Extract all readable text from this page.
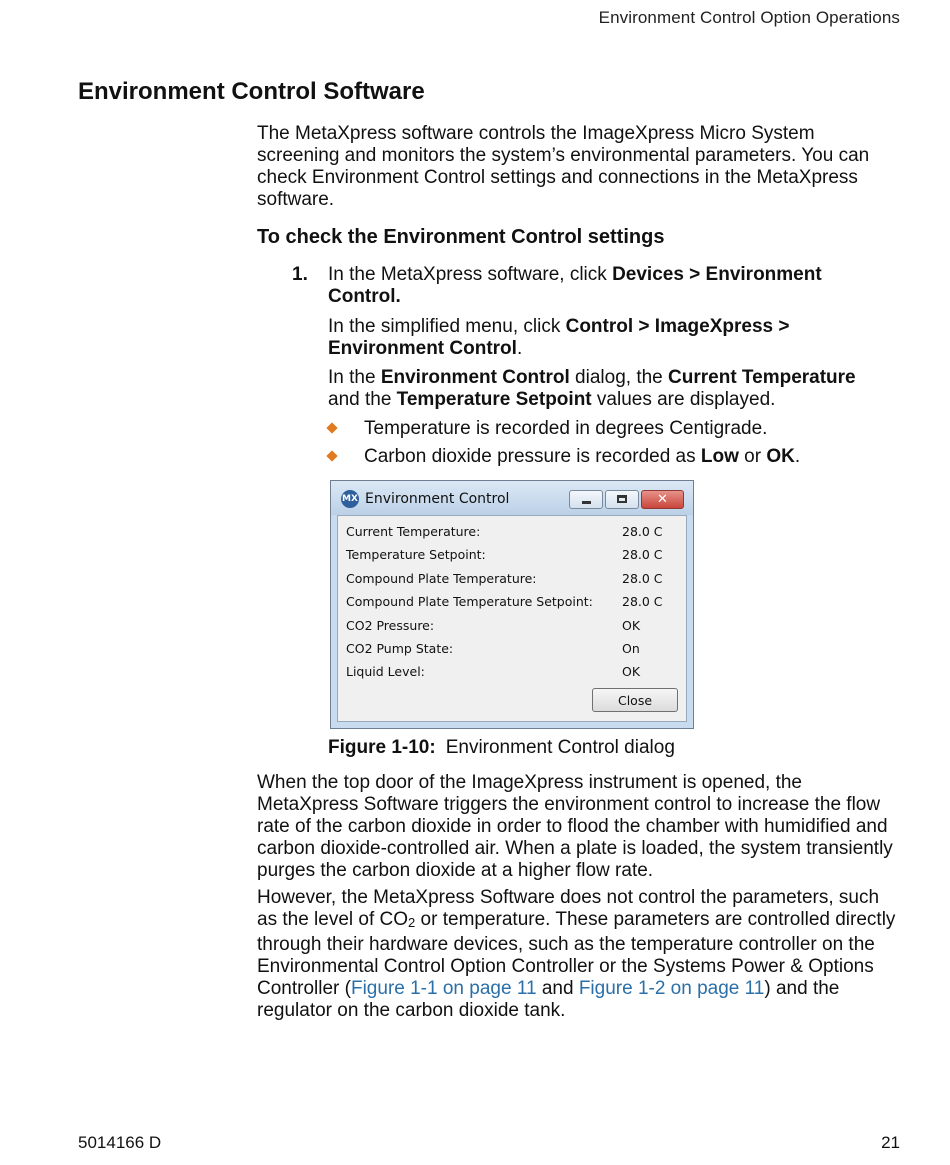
Environment Control Option Operations
Environment Control Software

The MetaXpress software controls the ImageXpress Micro System screening and monitors the system’s environmental parameters. You can check Environment Control settings and connections in the MetaXpress software.

To check the Environment Control settings
1. In the MetaXpress software, click Devices > Environment Control.

In the simplified menu, click Control > ImageXpress > Environment Control.

In the Environment Control dialog, the Current Temperature and the Temperature Setpoint values are displayed.

Temperature is recorded in degrees Centigrade.
Carbon dioxide pressure is recorded as Low or OK.
MX Environment Control	✕
Current Temperature:	28.0 C
Temperature Setpoint:	28.0 C
Compound Plate Temperature:	28.0 C
Compound Plate Temperature Setpoint: 28.0 C
CO2 Pressure:	OK
CO2 Pump State:	On
Liquid Level:	OK
Close
Figure 1-10: Environment Control dialog

When the top door of the ImageXpress instrument is opened, the MetaXpress Software triggers the environment control to increase the flow rate of the carbon dioxide in order to flood the chamber with humidified and carbon dioxide-controlled air. When a plate is loaded, the system transiently purges the carbon dioxide at a higher flow rate.

However, the MetaXpress Software does not control the parameters, such as the level of $CO_2$ or temperature. These parameters are controlled directly through their hardware devices, such as the temperature controller on the Environmental Control Option Controller or the Systems Power & Options Controller (Figure 1-1 on page 11 and Figure 1-2 on page 11) and the regulator on the carbon dioxide tank.

5014166 D	21
